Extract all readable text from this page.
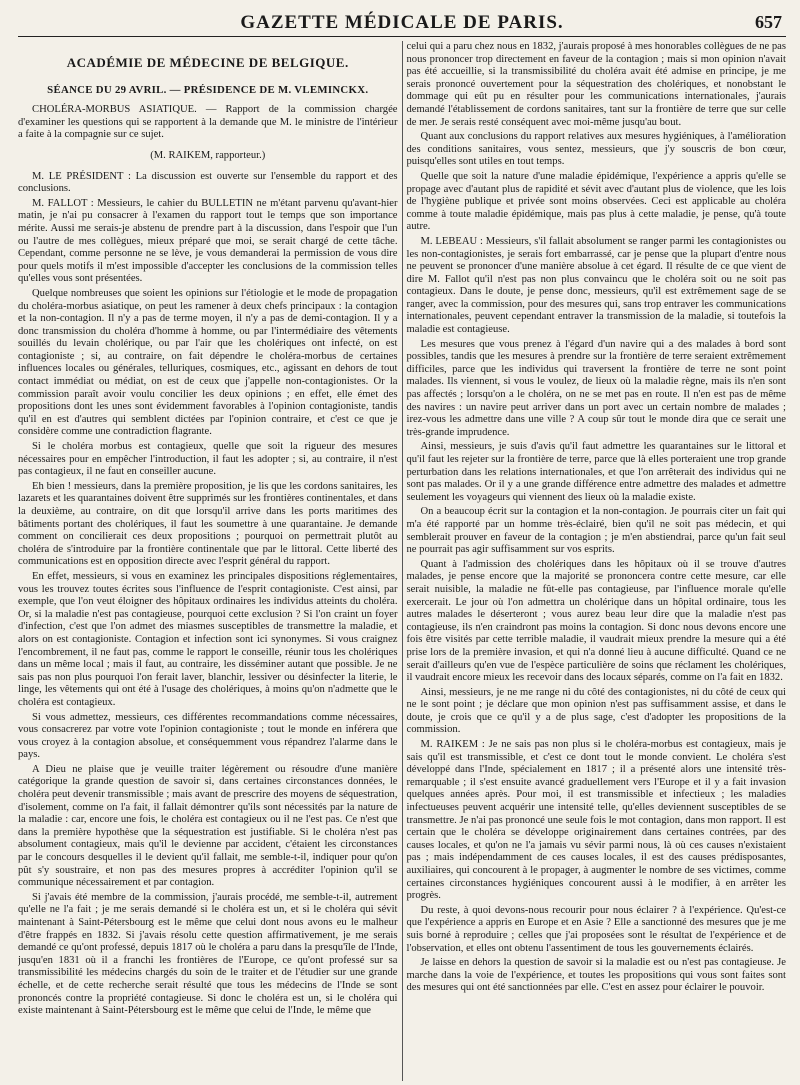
GAZETTE MÉDICALE DE PARIS.	657
ACADÉMIE DE MÉDECINE DE BELGIQUE.
SÉANCE DU 29 AVRIL. — PRÉSIDENCE DE M. VLEMINCKX.

CHOLÉRA-MORBUS ASIATIQUE. — Rapport de la commission chargée d'examiner les questions qui se rapportent à la demande que M. le ministre de l'intérieur a faite à la compagnie sur ce sujet.

(M. RAIKEM, rapporteur.)

M. LE PRÉSIDENT : La discussion est ouverte sur l'ensemble du rapport et des conclusions.

M. FALLOT : Messieurs, le cahier du BULLETIN ne m'étant parvenu qu'avant-hier matin, je n'ai pu consacrer à l'examen du rapport tout le temps que son importance mérite. Aussi me serais-je abstenu de prendre part à la discussion, dans l'espoir que l'un ou l'autre de mes collègues, mieux préparé que moi, se serait chargé de cette tâche. Cependant, comme personne ne se lève, je vous demanderai la permission de vous dire pour quels motifs il m'est impossible d'accepter les conclusions de la commission telles qu'elles vous sont présentées.

Quelque nombreuses que soient les opinions sur l'étiologie et le mode de propagation du choléra-morbus asiatique, on peut les ramener à deux chefs principaux : la contagion et la non-contagion. Il n'y a pas de terme moyen, il n'y a pas de demi-contagion. Il y a donc transmission du choléra d'homme à homme, ou par l'intermédiaire des vêtements souillés du levain cholérique, ou par l'air que les cholériques ont infecté, on est contagioniste ; si, au contraire, on fait dépendre le choléra-morbus de certaines influences locales ou générales, telluriques, cosmiques, etc., agissant en dehors de tout contact immédiat ou médiat, on est de ceux que j'appelle non-contagionistes. Or la commission paraît avoir voulu concilier les deux opinions ; en effet, elle émet des propositions dont les unes sont évidemment favorables à l'opinion contagioniste, tandis qu'il en est d'autres qui semblent dictées par l'opinion contraire, et c'est ce que je considère comme une contradiction flagrante.

Si le choléra morbus est contagieux, quelle que soit la rigueur des mesures nécessaires pour en empêcher l'introduction, il faut les adopter ; si, au contraire, il n'est pas contagieux, il ne faut en conseiller aucune.

Eh bien ! messieurs, dans la première proposition, je lis que les cordons sanitaires, les lazarets et les quarantaines doivent être supprimés sur les frontières continentales, et dans la deuxième, au contraire, on dit que lorsqu'il arrive dans les ports maritimes des bâtiments portant des cholériques, il faut les soumettre à une quarantaine. Je demande comment on concilierait ces deux propositions ; pourquoi on permettrait plutôt au choléra de s'introduire par la frontière continentale que par le littoral. Cette liberté des communications est en opposition directe avec l'esprit général du rapport.

En effet, messieurs, si vous en examinez les principales dispositions réglementaires, vous les trouvez toutes écrites sous l'influence de l'esprit contagioniste. C'est ainsi, par exemple, que l'on veut éloigner des hôpitaux ordinaires les individus atteints du choléra. Or, si la maladie n'est pas contagieuse, pourquoi cette exclusion ? Si l'on craint un foyer d'infection, c'est que l'on admet des miasmes susceptibles de transmettre la maladie, et alors on est contagioniste. Contagion et infection sont ici synonymes. Si vous craignez l'encombrement, il ne faut pas, comme le rapport le conseille, réunir tous les cholériques dans un même local ; mais il faut, au contraire, les disséminer autant que possible. Je ne sais pas non plus pourquoi l'on ferait laver, blanchir, lessiver ou désinfecter la literie, le linge, les vêtements qui ont été à l'usage des cholériques, à moins qu'on n'admette que le choléra est contagieux.

Si vous admettez, messieurs, ces différentes recommandations comme nécessaires, vous consacrerez par votre vote l'opinion contagioniste ; tout le monde en inférera que vous croyez à la contagion absolue, et conséquemment vous répandrez l'alarme dans le pays.

A Dieu ne plaise que je veuille traiter légèrement ou résoudre d'une manière catégorique la grande question de savoir si, dans certaines circonstances données, le choléra peut devenir transmissible ; mais avant de prescrire des moyens de séquestration, d'isolement, comme on l'a fait, il fallait démontrer qu'ils sont nécessités par la nature de la maladie : car, encore une fois, le choléra est contagieux ou il ne l'est pas. Ce n'est que dans la première hypothèse que la séquestration est justifiable. Si le choléra n'est pas absolument contagieux, mais qu'il le devienne par accident, c'étaient les circonstances par le concours desquelles il le devient qu'il fallait, me semble-t-il, indiquer pour qu'on pût s'y soustraire, et non pas des mesures propres à accréditer l'opinion qu'il se communique nécessairement et par contagion.

Si j'avais été membre de la commission, j'aurais procédé, me semble-t-il, autrement qu'elle ne l'a fait ; je me serais demandé si le choléra est un, et si le choléra qui sévit maintenant à Saint-Pétersbourg est le même que celui dont nous avons eu le malheur d'être frappés en 1832. Si j'avais résolu cette question affirmativement, je me serais demandé ce qu'ont professé, depuis 1817 où le choléra a paru dans la presqu'île de l'Inde, jusqu'en 1831 où il a franchi les frontières de l'Europe, ce qu'ont professé sur sa transmissibilité les médecins chargés du soin de le traiter et de l'étudier sur une grande échelle, et de cette recherche serait résulté que tous les médecins de l'Inde se sont prononcés contre la propriété contagieuse. Si donc le choléra est un, si le choléra qui existe maintenant à Saint-Pétersbourg est le même que celui de l'Inde, le même que

celui qui a paru chez nous en 1832, j'aurais proposé à mes honorables collègues de ne pas nous prononcer trop directement en faveur de la contagion ; mais si mon opinion n'avait pas été accueillie, si la transmissibilité du choléra avait été admise en principe, je me serais prononcé ouvertement pour la séquestration des cholériques, et nonobstant le dommage qui eût pu en résulter pour les communications internationales, j'aurais demandé l'établissement de cordons sanitaires, tant sur la frontière de terre que sur celle de mer. Je serais resté conséquent avec moi-même jusqu'au bout.

Quant aux conclusions du rapport relatives aux mesures hygiéniques, à l'amélioration des conditions sanitaires, vous sentez, messieurs, que j'y souscris de bon cœur, puisqu'elles sont utiles en tout temps.

Quelle que soit la nature d'une maladie épidémique, l'expérience a appris qu'elle se propage avec d'autant plus de rapidité et sévit avec d'autant plus de violence, que les lois de l'hygiène publique et privée sont moins observées. Ceci est applicable au choléra comme à toute maladie épidémique, mais pas plus à cette maladie, je pense, qu'à toute autre.

M. LEBEAU : Messieurs, s'il fallait absolument se ranger parmi les contagionistes ou les non-contagionistes, je serais fort embarrassé, car je pense que la plupart d'entre nous ne peuvent se prononcer d'une manière absolue à cet égard. Il résulte de ce que vient de dire M. Fallot qu'il n'est pas non plus convaincu que le choléra soit ou ne soit pas contagieux. Dans le doute, je pense donc, messieurs, qu'il est extrêmement sage de se ranger, avec la commission, pour des mesures qui, sans trop entraver les communications internationales, peuvent cependant entraver la transmission de la maladie, si toutefois la maladie est contagieuse.

Les mesures que vous prenez à l'égard d'un navire qui a des malades à bord sont possibles, tandis que les mesures à prendre sur la frontière de terre seraient extrêmement difficiles, parce que les individus qui traversent la frontière de terre ne sont point malades. Ils viennent, si vous le voulez, de lieux où la maladie règne, mais ils n'en sont pas affectés ; lorsqu'on a le choléra, on ne se met pas en route. Il n'en est pas de même des navires : un navire peut arriver dans un port avec un certain nombre de malades ; irez-vous les admettre dans une ville ? A coup sûr tout le monde dira que ce serait une très-grande imprudence.

Ainsi, messieurs, je suis d'avis qu'il faut admettre les quarantaines sur le littoral et qu'il faut les rejeter sur la frontière de terre, parce que là elles porteraient une trop grande perturbation dans les relations internationales, et que l'on arrêterait des individus qui ne sont pas malades. Or il y a une grande différence entre admettre des malades et admettre seulement les voyageurs qui viennent des lieux où la maladie existe.

On a beaucoup écrit sur la contagion et la non-contagion. Je pourrais citer un fait qui m'a été rapporté par un homme très-éclairé, bien qu'il ne soit pas médecin, et qui semblerait prouver en faveur de la contagion ; je m'en abstiendrai, parce qu'un fait seul ne pourrait pas agir suffisamment sur vos esprits.

Quant à l'admission des cholériques dans les hôpitaux où il se trouve d'autres malades, je pense encore que la majorité se prononcera contre cette mesure, car elle serait nuisible, la maladie ne fût-elle pas contagieuse, par l'influence morale qu'elle exercerait. Le jour où l'on admettra un cholérique dans un hôpital ordinaire, tous les autres malades le déserteront ; vous aurez beau leur dire que la maladie n'est pas contagieuse, ils n'en craindront pas moins la contagion. Si donc nous devons encore une fois être visités par cette terrible maladie, il vaudrait mieux prendre la mesure qui a été prise lors de la première invasion, et qui n'a donné lieu à aucune difficulté. Quand ce ne serait d'ailleurs qu'en vue de l'espèce particulière de soins que réclament les cholériques, il vaudrait encore mieux les recevoir dans des locaux séparés, comme on l'a fait en 1832.

Ainsi, messieurs, je ne me range ni du côté des contagionistes, ni du côté de ceux qui ne le sont point ; je déclare que mon opinion n'est pas suffisamment assise, et dans le doute, je crois que ce qu'il y a de plus sage, c'est d'adopter les propositions de la commission.

M. RAIKEM : Je ne sais pas non plus si le choléra-morbus est contagieux, mais je sais qu'il est transmissible, et c'est ce dont tout le monde convient. Le choléra s'est développé dans l'Inde, spécialement en 1817 ; il a présenté alors une intensité très-remarquable ; il s'est ensuite avancé graduellement vers l'Europe et il y a fait invasion quelques années après. Pour moi, il est transmissible et infectieux ; les maladies infectueuses peuvent acquérir une intensité telle, qu'elles deviennent susceptibles de se transmettre. Je n'ai pas prononcé une seule fois le mot contagion, dans mon rapport. Il est certain que le choléra se développe originairement dans certaines contrées, par des causes locales, et qu'on ne l'a jamais vu sévir parmi nous, là où ces causes n'existaient pas ; mais indépendamment de ces causes locales, il est des causes prédisposantes, auxiliaires, qui concourent à le propager, à augmenter le nombre de ses victimes, comme certaines circonstances hygiéniques concourent aussi à le modifier, à en arrêter les progrès.

Du reste, à quoi devons-nous recourir pour nous éclairer ? à l'expérience. Qu'est-ce que l'expérience a appris en Europe et en Asie ? Elle a sanctionné des mesures que je me suis borné à reproduire ; celles que j'ai proposées sont le résultat de l'expérience et de l'observation, et elles ont obtenu l'assentiment de tous les gouvernements éclairés.

Je laisse en dehors la question de savoir si la maladie est ou n'est pas contagieuse. Je marche dans la voie de l'expérience, et toutes les propositions qui vous sont faites sont des mesures qui ont été sanctionnées par elle. C'est en assez pour éclairer le pouvoir.
